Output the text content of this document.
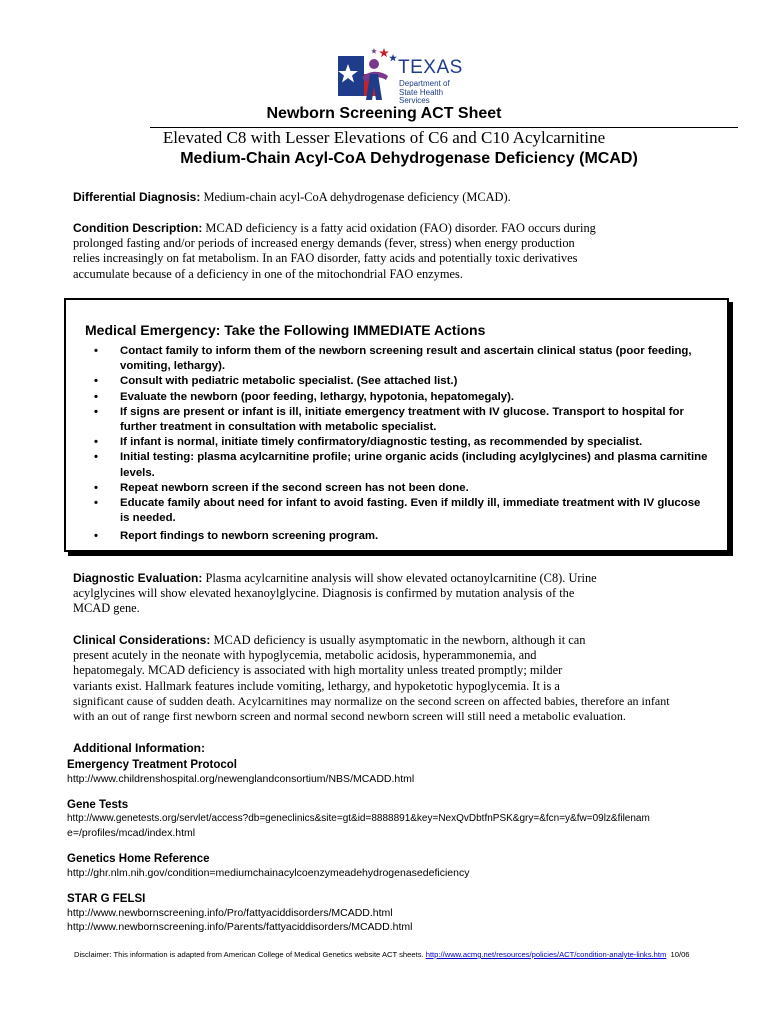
TEXAS
Department of
State Health Services
Newborn Screening ACT Sheet
Elevated C8 with Lesser Elevations of C6 and C10 Acylcarnitine
Medium-Chain Acyl-CoA Dehydrogenase Deficiency (MCAD)
Differential Diagnosis: Medium-chain acyl-CoA dehydrogenase deficiency (MCAD).
Condition Description: MCAD deficiency is a fatty acid oxidation (FAO) disorder. FAO occurs during
prolonged fasting and/or periods of increased energy demands (fever, stress) when energy production
relies increasingly on fat metabolism. In an FAO disorder, fatty acids and potentially toxic derivatives
accumulate because of a deficiency in one of the mitochondrial FAO enzymes.
Medical Emergency: Take the Following IMMEDIATE Actions
• Contact family to inform them of the newborn screening result and ascertain clinical status (poor feeding, vomiting, lethargy).
• Consult with pediatric metabolic specialist. (See attached list.)
• Evaluate the newborn (poor feeding, lethargy, hypotonia, hepatomegaly).
• If signs are present or infant is ill, initiate emergency treatment with IV glucose. Transport to hospital for further treatment in consultation with metabolic specialist.
• If infant is normal, initiate timely confirmatory/diagnostic testing, as recommended by specialist.
• Initial testing: plasma acylcarnitine profile; urine organic acids (including acylglycines) and plasma carnitine levels.
• Repeat newborn screen if the second screen has not been done.
• Educate family about need for infant to avoid fasting. Even if mildly ill, immediate treatment with IV glucose is needed.
• Report findings to newborn screening program.
Diagnostic Evaluation: Plasma acylcarnitine analysis will show elevated octanoylcarnitine (C8). Urine
acylglycines will show elevated hexanoylglycine. Diagnosis is confirmed by mutation analysis of the
MCAD gene.
Clinical Considerations: MCAD deficiency is usually asymptomatic in the newborn, although it can
present acutely in the neonate with hypoglycemia, metabolic acidosis, hyperammonemia, and
hepatomegaly. MCAD deficiency is associated with high mortality unless treated promptly; milder
variants exist. Hallmark features include vomiting, lethargy, and hypoketotic hypoglycemia. It is a
significant cause of sudden death. Acylcarnitines may normalize on the second screen on affected babies, therefore an infant
with an out of range first newborn screen and normal second newborn screen will still need a metabolic evaluation.
Additional Information:
Emergency Treatment Protocol
http://www.childrenshospital.org/newenglandconsortium/NBS/MCADD.html
Gene Tests
http://www.genetests.org/servlet/access?db=geneclinics&site=gt&id=8888891&key=NexQvDbtfnPSK&gry=&fcn=y&fw=09lz&filenam
e=/profiles/mcad/index.html
Genetics Home Reference
http://ghr.nlm.nih.gov/condition=mediumchainacylcoenzymeadehydrogenasedeficiency
STAR G FELSI
http://www.newbornscreening.info/Pro/fattyaciddisorders/MCADD.html
http://www.newbornscreening.info/Parents/fattyaciddisorders/MCADD.html
Disclaimer: This information is adapted from American College of Medical Genetics website ACT sheets. http://www.acmg.net/resources/policies/ACT/condition-analyte-links.htm 10/06
